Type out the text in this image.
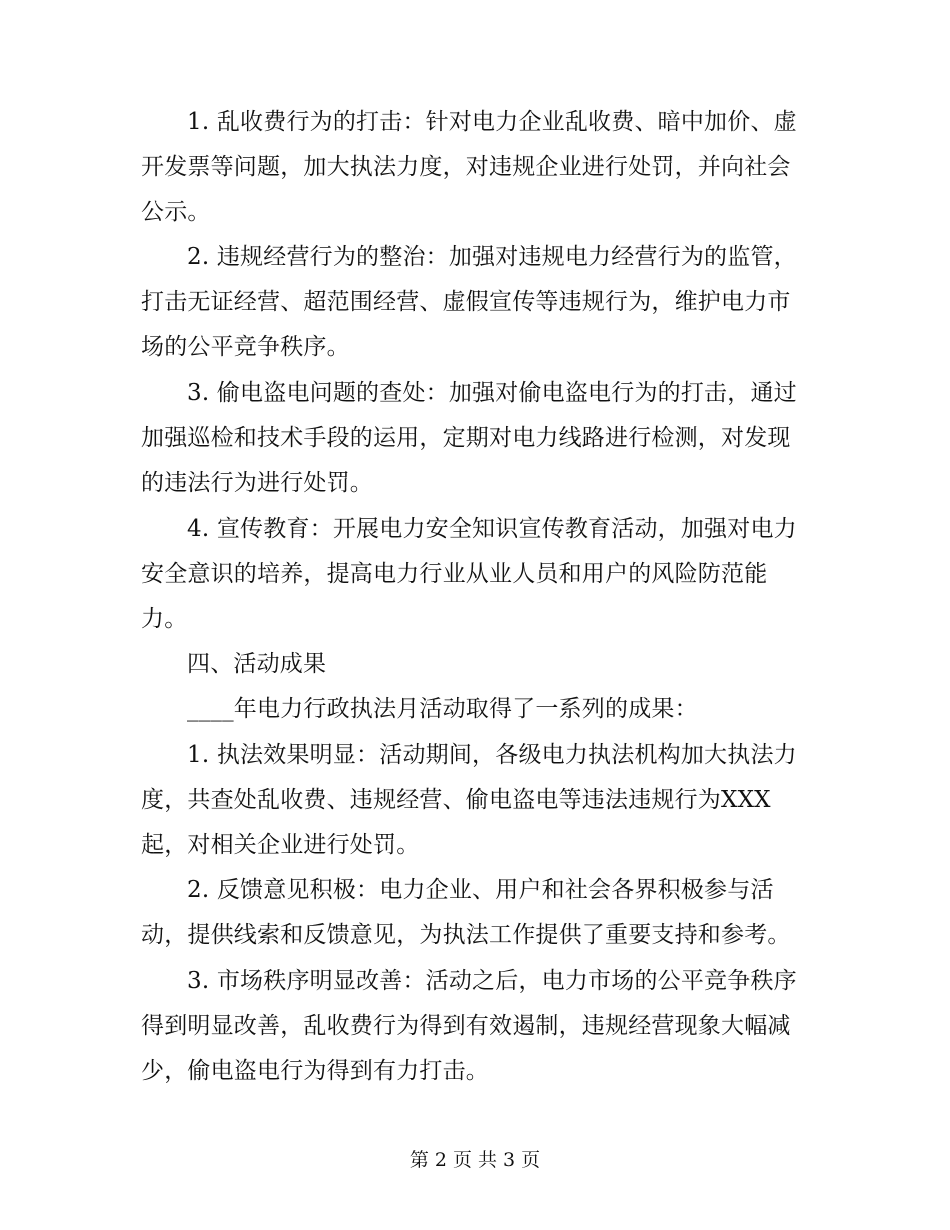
1. 乱收费行为的打击：针对电力企业乱收费、暗中加价、虚
开发票等问题，加大执法力度，对违规企业进行处罚，并向社会
公示。
2. 违规经营行为的整治：加强对违规电力经营行为的监管，
打击无证经营、超范围经营、虚假宣传等违规行为，维护电力市
场的公平竞争秩序。
3. 偷电盗电问题的查处：加强对偷电盗电行为的打击，通过
加强巡检和技术手段的运用，定期对电力线路进行检测，对发现
的违法行为进行处罚。
4. 宣传教育：开展电力安全知识宣传教育活动，加强对电力
安全意识的培养，提高电力行业从业人员和用户的风险防范能
力。
四、活动成果
____年电力行政执法月活动取得了一系列的成果：
1. 执法效果明显：活动期间，各级电力执法机构加大执法力
度，共查处乱收费、违规经营、偷电盗电等违法违规行为XXX
起，对相关企业进行处罚。
2. 反馈意见积极：电力企业、用户和社会各界积极参与活
动，提供线索和反馈意见，为执法工作提供了重要支持和参考。
3. 市场秩序明显改善：活动之后，电力市场的公平竞争秩序
得到明显改善，乱收费行为得到有效遏制，违规经营现象大幅减
少，偷电盗电行为得到有力打击。
第 2 页 共 3 页
